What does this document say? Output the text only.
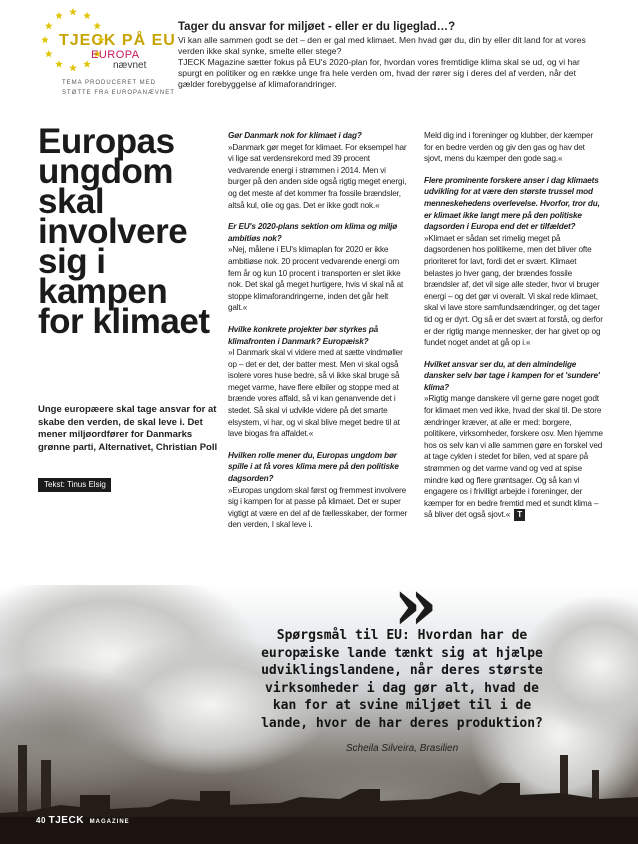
TJECK PÅ EU
EUROPA
nævnet
TEMA PRODUCERET MED
STØTTE FRA EUROPANÆVNET
Tager du ansvar for miljøet - eller er du ligeglad…?

Vi kan alle sammen godt se det – den er gal med klimaet. Men hvad gør du, din by eller dit land for at vores verden ikke skal synke, smelte eller stege?

TJECK Magazine sætter fokus på EU's 2020-plan for, hvordan vores fremtidige klima skal se ud, og vi har spurgt en politiker og en række unge fra hele verden om, hvad der rører sig i deres del af verden, når det gælder forebyggelse af klimaforandringer.

Europas
ungdom
skal
involvere
sig i
kampen
for klimaet
Unge europæere skal tage ansvar for at skabe den verden, de skal leve i. Det mener miljøordfører for Danmarks grønne parti, Alternativet, Christian Poll
Tekst: Tinus Elsig

Gør Danmark nok for klimaet i dag?

»Danmark gør meget for klimaet. For eksempel har vi lige sat verdensrekord med 39 procent vedvarende energi i strømmen i 2014. Men vi burger på den anden side også rigtig meget energi, og det meste af det kommer fra fossile brændsler, altså kul, olie og gas. Det er ikke godt nok.«

Er EU's 2020-plans sektion om klima og miljø ambitiøs nok?

»Nej, målene i EU's klimaplan for 2020 er ikke ambitiøse nok. 20 procent vedvarende energi om fem år og kun 10 procent i transporten er slet ikke nok. Det skal gå meget hurtigere, hvis vi skal nå at stoppe klimaforandringerne, inden det går helt galt.«

Hvilke konkrete projekter bør styrkes på klimafronten i Danmark? Europæisk?

»I Danmark skal vi videre med at sætte vindmøller op – det er det, der batter mest. Men vi skal også isolere vores huse bedre, så vi ikke skal bruge så meget varme, have flere elbiler og stoppe med at brænde vores affald, så vi kan genanvende det i stedet. Så skal vi udvikle videre på det smarte elsystem, vi har, og vi skal blive meget bedre til at lave biogas fra affaldet.«

Hvilken rolle mener du, Europas ungdom bør spille i at få vores klima mere på den politiske dagsorden?

»Europas ungdom skal først og fremmest involvere sig i kampen for at passe på klimaet. Det er super vigtigt at være en del af de fællesskaber, der former den verden, I skal leve i.

Meld dig ind i foreninger og klubber, der kæmper for en bedre verden og giv den gas og hav det sjovt, mens du kæmper den gode sag.«

Flere prominente forskere anser i dag klimaets udvikling for at være den største trussel mod menneskehedens overlevelse. Hvorfor, tror du, er klimaet ikke langt mere på den politiske dagsorden i Europa end det er tilfældet?

»Klimaet er sådan set rimelig meget på dagsordenen hos politikerne, men det bliver ofte prioriteret for lavt, fordi det er svært. Klimaet belastes jo hver gang, der brændes fossile brændsler af, det vil sige alle steder, hvor vi bruger energi – og det gør vi overalt. Vi skal rede klimaet, skal vi lave store samfundsændringer, og det tager tid og er dyrt. Og så er det svært at forstå, og derfor er der rigtig mange mennesker, der har givet op og fundet noget andet at gå op i.«

Hvilket ansvar ser du, at den almindelige dansker selv bør tage i kampen for et 'sundere' klima?

»Rigtig mange danskere vil gerne gøre noget godt for klimaet men ved ikke, hvad der skal til. De store ændringer kræver, at alle er med: borgere, politikere, virksomheder, forskere osv. Men hjemme hos os selv kan vi alle sammen gøre en forskel ved at tage cyklen i stedet for bilen, ved at spare på strømmen og det varme vand og ved at spise mindre kød og flere grøntsager. Og så kan vi engagere os i frivilligt arbejde i foreninger, der kæmper for en bedre fremtid med et sundt klima – så bliver det også sjovt.« T

»
Spørgsmål til EU: Hvordan har de europæiske lande tænkt sig at hjælpe udviklingslandene, når deres største virksomheder i dag gør alt, hvad de kan for at svine miljøet til i de lande, hvor de har deres produktion?
Scheila Silveira, Brasilien
40 TJECK MAGAZINE
